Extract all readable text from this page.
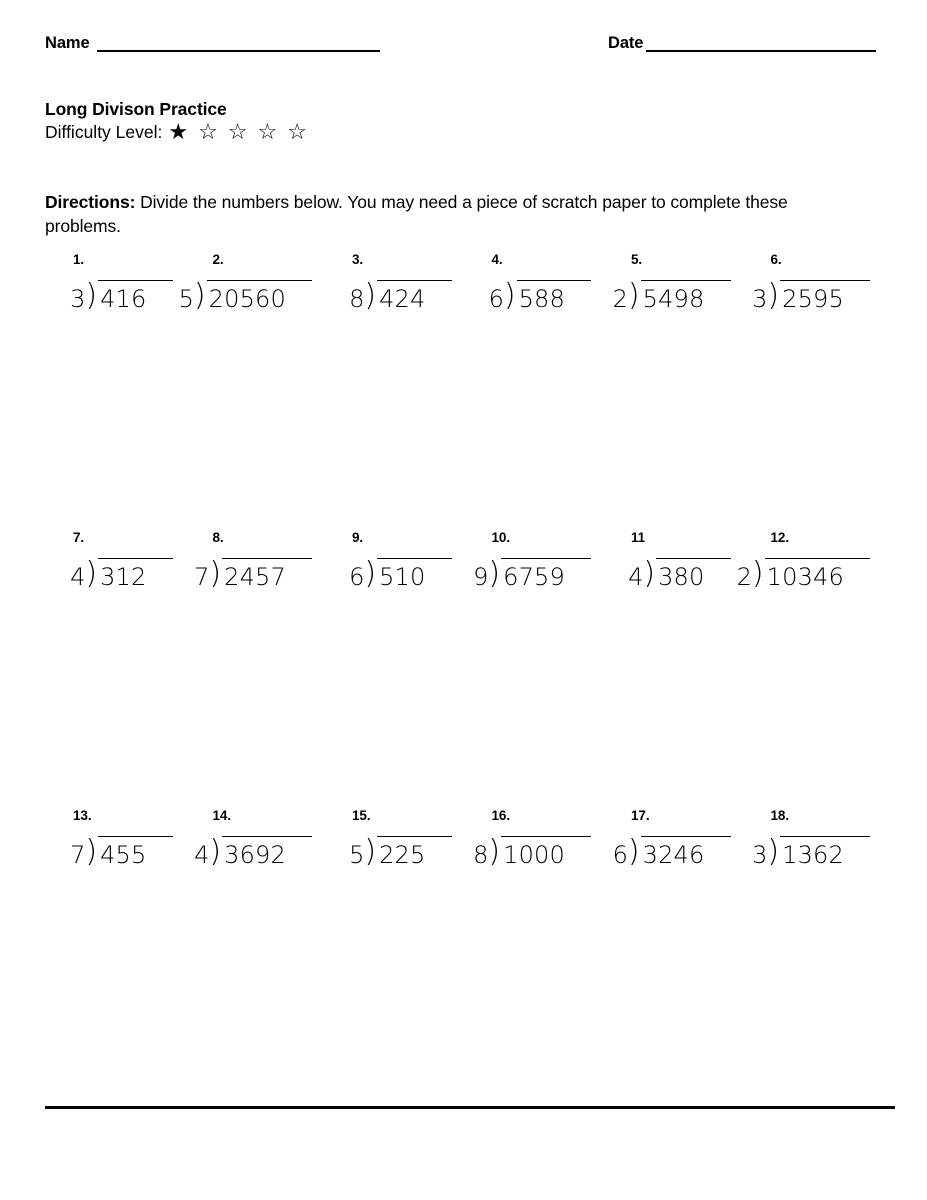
Name	Date
Long Divison Practice
Difficulty Level: ★ ☆ ☆ ☆ ☆

Directions: Divide the numbers below. You may need a piece of scratch paper to complete these problems.

1.
3 ) 416
2.
5 ) 20560
3.
8 ) 424
4.
6 ) 588
5.
2 ) 5498
6.
3 ) 2595
7.
4 ) 312
8.
7 ) 2457
9.
6 ) 510
10.
9 ) 6759
11
4 ) 380
12.
2 ) 10346
13.
7 ) 455
14.
4 ) 3692
15.
5 ) 225
16.
8 ) 1000
17.
6 ) 3246
18.
3 ) 1362
